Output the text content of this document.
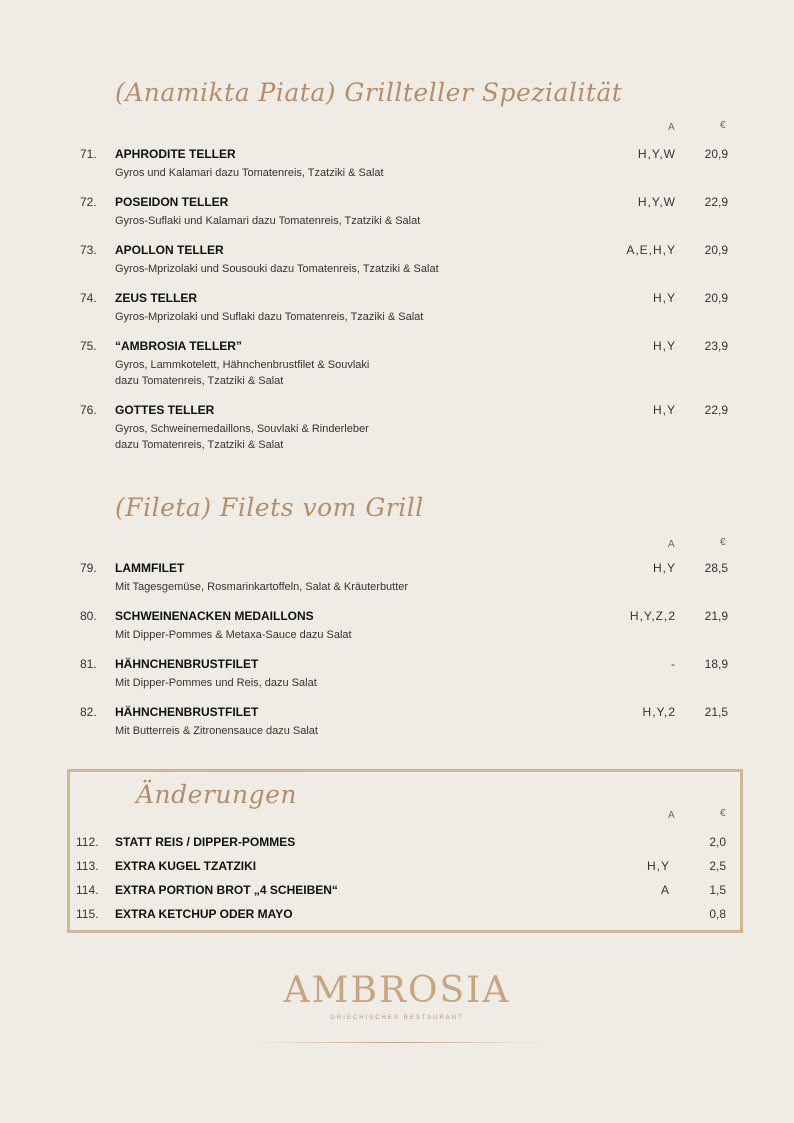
(Anamikta Piata) Grillteller Spezialität
A	€
71. APHRODITE TELLER	H,Y,W 20,9
Gyros und Kalamari dazu Tomatenreis, Tzatziki & Salat
72. POSEIDON TELLER	H,Y,W 22,9
Gyros-Suflaki und Kalamari dazu Tomatenreis, Tzatziki & Salat
73. APOLLON TELLER	A,E,H,Y 20,9
Gyros-Mprizolaki und Sousouki dazu Tomatenreis, Tzatziki & Salat
74. ZEUS TELLER	H,Y 20,9
Gyros-Mprizolaki und Suflaki dazu Tomatenreis, Tzaziki & Salat
75. “AMBROSIA TELLER”	H,Y 23,9
Gyros, Lammkotelett, Hähnchenbrustfilet & Souvlaki
dazu Tomatenreis, Tzatziki & Salat
76. GOTTES TELLER	H,Y 22,9
Gyros, Schweinemedaillons, Souvlaki & Rinderleber
dazu Tomatenreis, Tzatziki & Salat
(Fileta) Filets vom Grill
A	€
79. LAMMFILET	H,Y 28,5
Mit Tagesgemüse, Rosmarinkartoffeln, Salat & Kräuterbutter
80. SCHWEINENACKEN MEDAILLONS	H,Y,Z,2 21,9
Mit Dipper-Pommes & Metaxa-Sauce dazu Salat
81. HÄHNCHENBRUSTFILET	- 18,9
Mit Dipper-Pommes und Reis, dazu Salat
82. HÄHNCHENBRUSTFILET	H,Y,2 21,5
Mit Butterreis & Zitronensauce dazu Salat
Änderungen
A	€
112. STATT REIS / DIPPER-POMMES	2,0
113. EXTRA KUGEL TZATZIKI	H,Y	2,5
114. EXTRA PORTION BROT „4 SCHEIBEN“	A	1,5
115. EXTRA KETCHUP ODER MAYO	0,8
AMBROSIA
GRIECHISCHES RESTAURANT
